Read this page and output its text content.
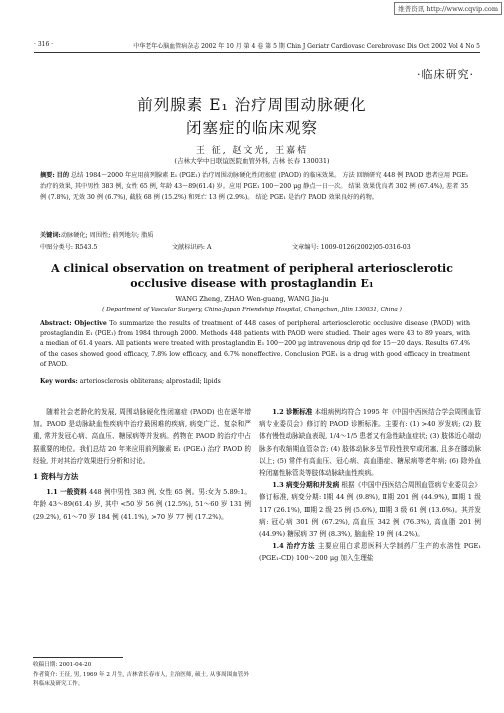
维普资讯 http://www.cqvip.com
· 316 ·	中华老年心脑血管病杂志 2002 年 10 月 第 4 卷 第 5 期 Chin J Geriatr Cardiovasc Cerebrovasc Dis Oct 2002 Vol 4 No 5
·临床研究·
前列腺素 E₁ 治疗周围动脉硬化
闭塞症的临床观察
王 征, 赵文光, 王嘉桔
(吉林大学中日联谊医院血管外科, 吉林 长春 130031)
摘要: 目的 总结 1984～2000 年应用前列腺素 E₁ (PGE₁) 治疗周围动脉硬化性闭塞症 (PAOD) 的临床效果。 方法 回顾研究 448 例 PAOD 患者应用 PGE₁ 治疗的效果, 其中男性 383 例, 女性 65 例, 年龄 43～89(61.4) 岁。应用 PGE₁ 100～200 μg 静点一日一次。 结果 效果优良者 302 例 (67.4%), 差者 35 例 (7.8%), 无效 30 例 (6.7%), 截肢 68 例 (15.2%) 和死亡 13 例 (2.9%)。 结论 PGE₁ 是治疗 PAOD 效果良好的药物。
关键词:动脉硬化; 周围性; 前列地尔; 脂质
中图分类号: R543.5	文献标识码: A	文章编号: 1009-0126(2002)05-0316-03
A clinical observation on treatment of peripheral arteriosclerotic
occlusive disease with prostaglandin E₁
WANG Zheng, ZHAO Wen-guang, WANG Jia-ju
( Department of Vascular Surgery, China-Japan Friendship Hospital, Changchun, Jilin 130031, China )
Abstract: Objective To summarize the results of treatment of 448 cases of peripheral arteriosclerotic occlusive disease (PAOD) with prostaglandin E₁ (PGE₁) from 1984 through 2000. Methods 448 patients with PAOD were studied. Their ages were 43 to 89 years, with a median of 61.4 years. All patients were treated with prostaglandin E₁ 100～200 μg intravenous drip qd for 15～20 days. Results 67.4% of the cases showed good efficacy, 7.8% low efficacy, and 6.7% noneffective. Conclusion PGE₁ is a drug with good efficacy in treatment of PAOD.
Key words: arteriosclerosis obliterans; alprostadil; lipids

随着社会老龄化的发展, 周围动脉硬化性闭塞症 (PAOD) 也在逐年增加。PAOD 是动脉缺血性疾病中治疗最困难的疾病, 病变广泛、复杂和严重, 常并发冠心病、高血压、糖尿病等并发病。药物在 PAOD 的治疗中占据重要的地位。我们总结 20 年来应用前列腺素 E₁ (PGE₁) 治疗 PAOD 的经验, 并对其治疗效果进行分析和讨论。

1 资料与方法

1.1 一般资料 448 例中男性 383 例, 女性 65 例。男:女为 5.89:1。年龄 43～89(61.4) 岁, 其中 <50 岁 56 例 (12.5%), 51～60 岁 131 例 (29.2%), 61～70 岁 184 例 (41.1%), >70 岁 77 例 (17.2%)。

收稿日期: 2001-04-20
作者简介: 王征, 男, 1969 年 2 月生, 吉林省长春市人, 主治医师, 硕士, 从事周围血管外科临床及研究工作。

1.2 诊断标准 本组病例均符合 1995 年《中国中西医结合学会周围血管病专业委员会》修订的 PAOD 诊断标准。主要有: (1) >40 岁发病; (2) 肢体有慢性动脉缺血表现, 1/4～1/5 患者又有急性缺血症状; (3) 肢体近心端动脉多有收缩期血管杂音; (4) 肢体动脉多呈节段性狭窄或闭塞, 且多在膝动脉以上; (5) 常伴有高血压、冠心病、高血脂症、糖尿病等老年病; (6) 除外血栓闭塞性脉管炎等肢体动脉缺血性疾病。

1.3 病变分期和并发病 根据《中国中西医结合周围血管病专业委员会》修订标准, 病变分期: Ⅰ期 44 例 (9.8%), Ⅱ期 201 例 (44.9%), Ⅲ期 1 级 117 (26.1%), Ⅲ期 2 级 25 例 (5.6%), Ⅲ期 3 级 61 例 (13.6%)。其并发病: 冠心病 301 例 (67.2%), 高血压 342 例 (76.3%), 高血脂 201 例 (44.9%) 糖尿病 37 例 (8.3%), 脑血栓 19 例 (4.2%)。

1.4 治疗方法 主要应用白求恩医科大学制药厂生产的水溶性 PGE₁ (PGE₁-CD) 100～200 μg 加入生理盐
